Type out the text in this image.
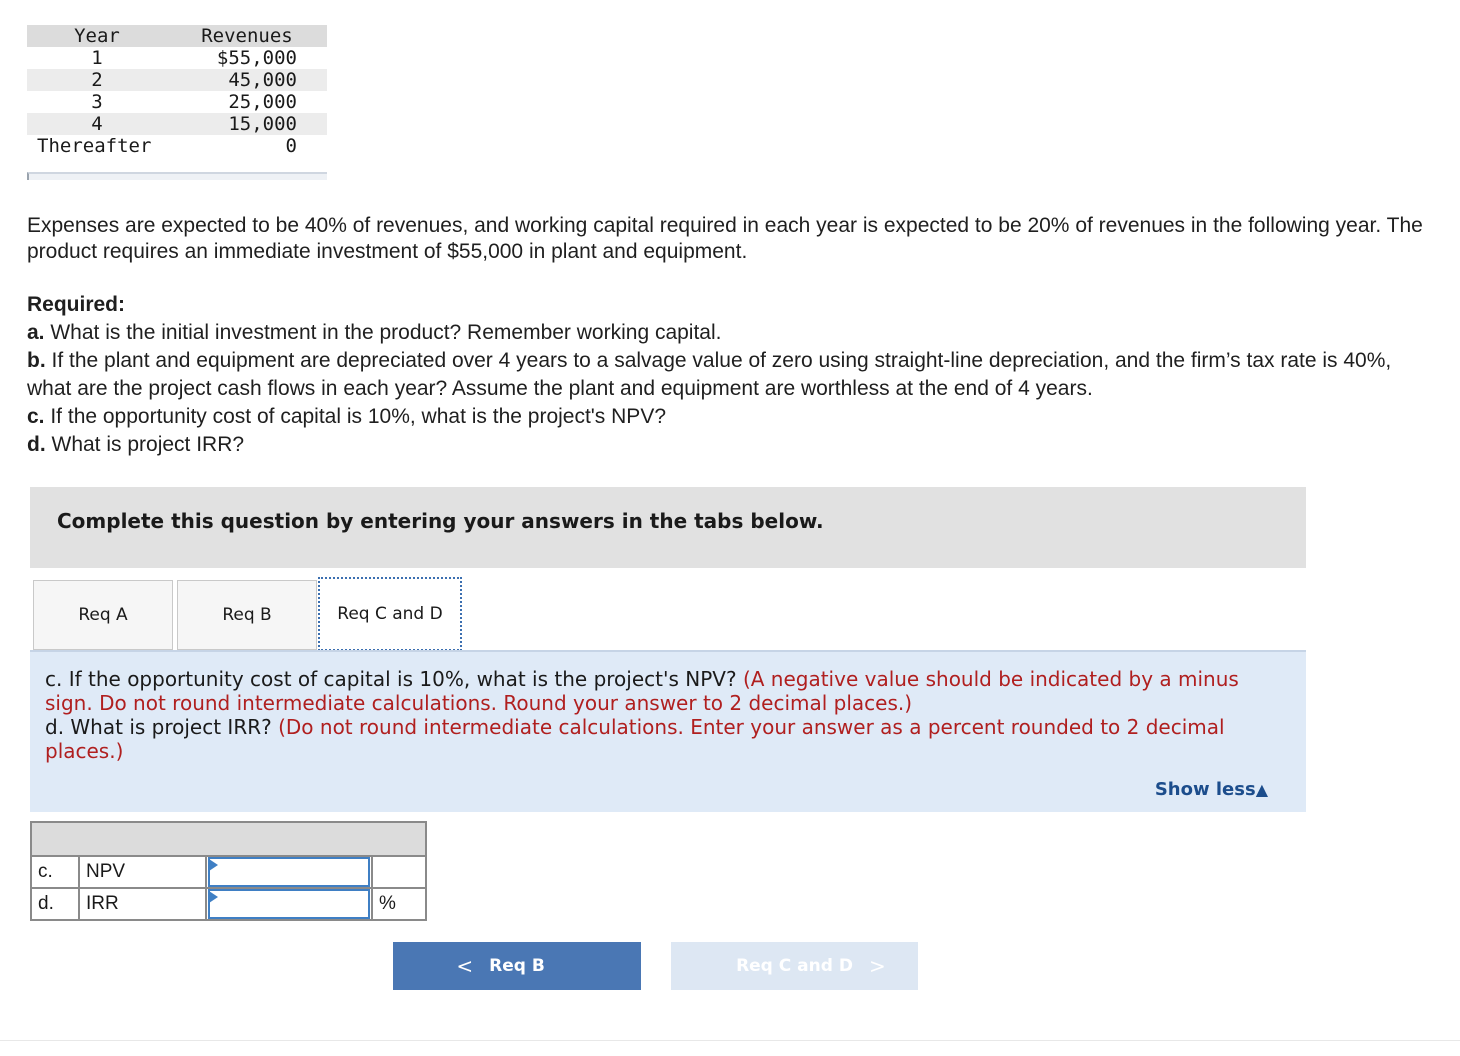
Year	Revenues
1	$55,000
2	45,000
3	25,000
4	15,000
Thereafter	0

Expenses are expected to be 40% of revenues, and working capital required in each year is expected to be 20% of revenues in the following year. The product requires an immediate investment of $55,000 in plant and equipment.

Required:
a. What is the initial investment in the product? Remember working capital.
b. If the plant and equipment are depreciated over 4 years to a salvage value of zero using straight-line depreciation, and the firm’s tax rate is 40%, what are the project cash flows in each year? Assume the plant and equipment are worthless at the end of 4 years.
c. If the opportunity cost of capital is 10%, what is the project's NPV?
d. What is project IRR?

Complete this question by entering your answers in the tabs below.
Req A	Req B	Req C and D
c. If the opportunity cost of capital is 10%, what is the project's NPV? (A negative value should be indicated by a minus sign. Do not round intermediate calculations. Round your answer to 2 decimal places.)
d. What is project IRR? (Do not round intermediate calculations. Enter your answer as a percent rounded to 2 decimal places.)
Show less▲

c.	NPV	

d.	IRR		%
< Req B	Req C and D >
